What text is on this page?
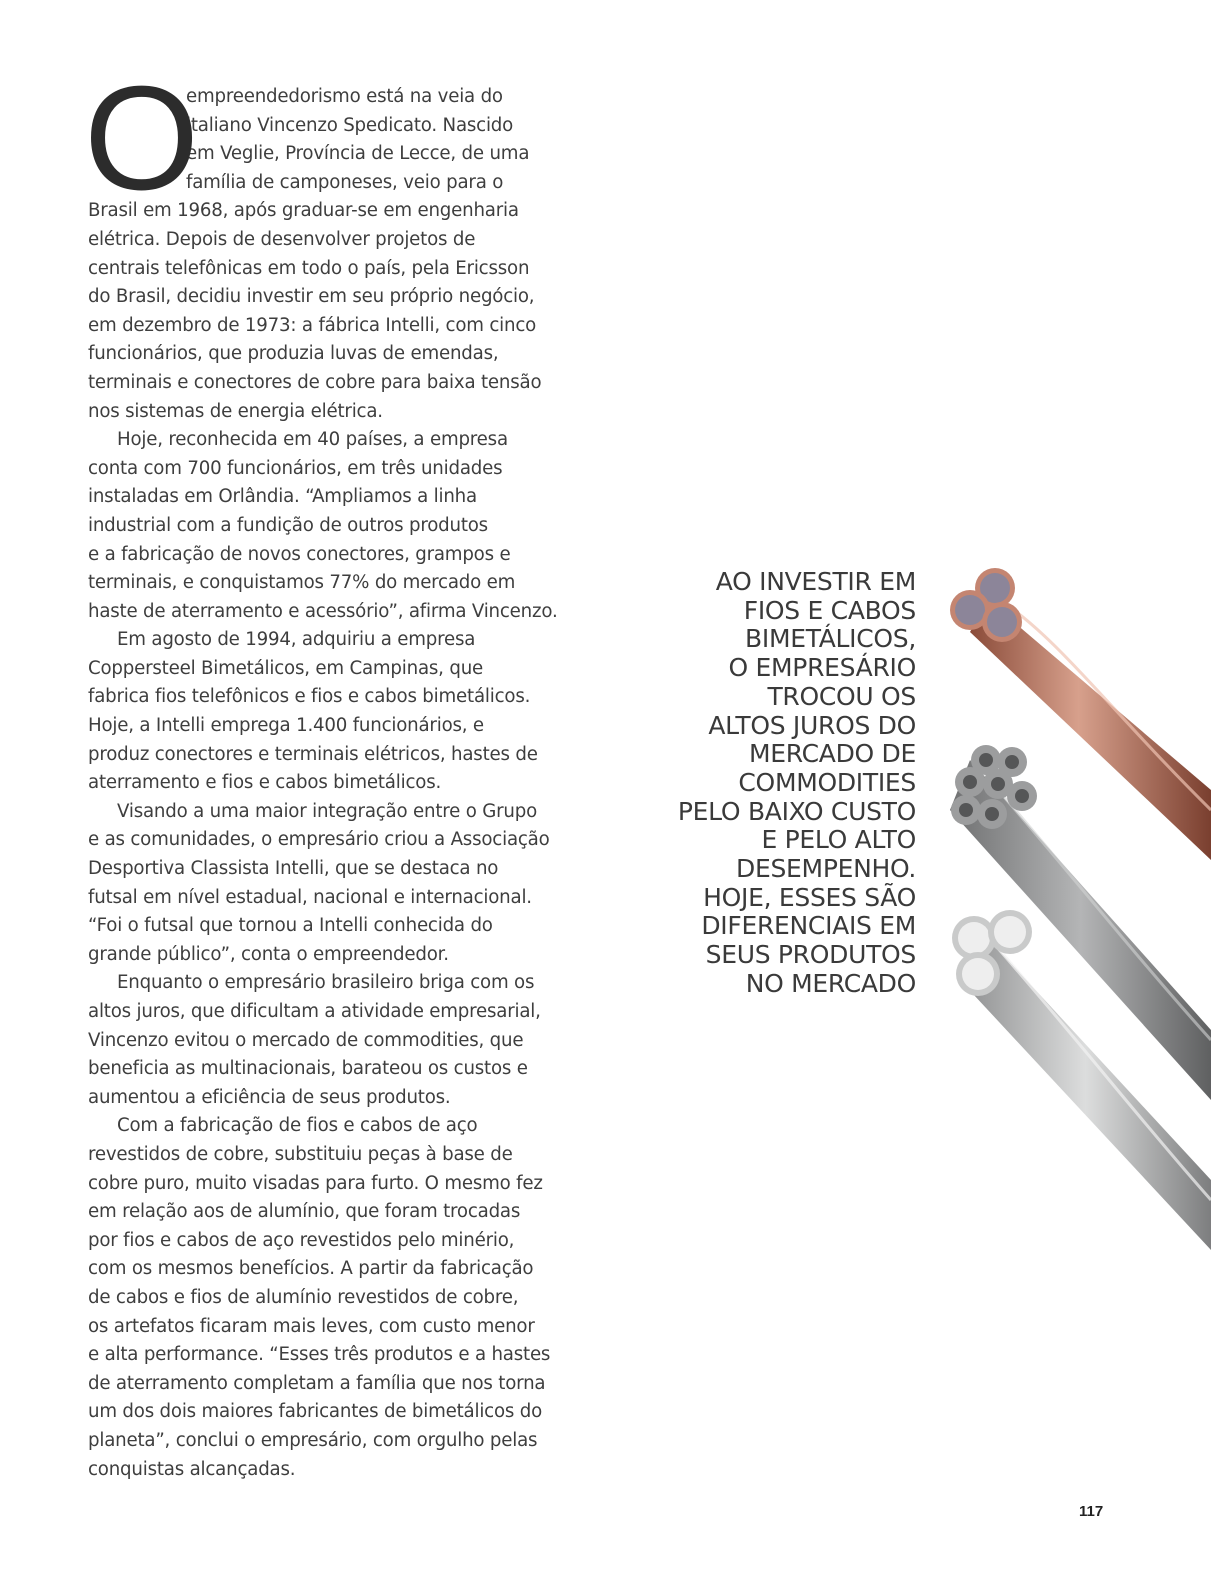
O

empreendedorismo está na veia do
italiano Vincenzo Spedicato. Nascido
em Veglie, Província de Lecce, de uma
família de camponeses, veio para o

Brasil em 1968, após graduar-se em engenharia
elétrica. Depois de desenvolver projetos de
centrais telefônicas em todo o país, pela Ericsson
do Brasil, decidiu investir em seu próprio negócio,
em dezembro de 1973: a fábrica Intelli, com cinco
funcionários, que produzia luvas de emendas,
terminais e conectores de cobre para baixa tensão
nos sistemas de energia elétrica.

Hoje, reconhecida em 40 países, a empresa
conta com 700 funcionários, em três unidades
instaladas em Orlândia. “Ampliamos a linha
industrial com a fundição de outros produtos
e a fabricação de novos conectores, grampos e
terminais, e conquistamos 77% do mercado em
haste de aterramento e acessório”, afirma Vincenzo.

Em agosto de 1994, adquiriu a empresa
Coppersteel Bimetálicos, em Campinas, que
fabrica fios telefônicos e fios e cabos bimetálicos.
Hoje, a Intelli emprega 1.400 funcionários, e
produz conectores e terminais elétricos, hastes de
aterramento e fios e cabos bimetálicos.

Visando a uma maior integração entre o Grupo
e as comunidades, o empresário criou a Associação
Desportiva Classista Intelli, que se destaca no
futsal em nível estadual, nacional e internacional.
“Foi o futsal que tornou a Intelli conhecida do
grande público”, conta o empreendedor.

Enquanto o empresário brasileiro briga com os
altos juros, que dificultam a atividade empresarial,
Vincenzo evitou o mercado de commodities, que
beneficia as multinacionais, barateou os custos e
aumentou a eficiência de seus produtos.

Com a fabricação de fios e cabos de aço
revestidos de cobre, substituiu peças à base de
cobre puro, muito visadas para furto. O mesmo fez
em relação aos de alumínio, que foram trocadas
por fios e cabos de aço revestidos pelo minério,
com os mesmos benefícios. A partir da fabricação
de cabos e fios de alumínio revestidos de cobre,
os artefatos ficaram mais leves, com custo menor
e alta performance. “Esses três produtos e a hastes
de aterramento completam a família que nos torna
um dos dois maiores fabricantes de bimetálicos do
planeta”, conclui o empresário, com orgulho pelas
conquistas alcançadas.

AO INVESTIR EM
FIOS E CABOS
BIMETÁLICOS,
O EMPRESÁRIO
TROCOU OS
ALTOS JUROS DO
MERCADO DE
COMMODITIES
PELO BAIXO CUSTO
E PELO ALTO
DESEMPENHO.
HOJE, ESSES SÃO
DIFERENCIAIS EM
SEUS PRODUTOS
NO MERCADO
117
